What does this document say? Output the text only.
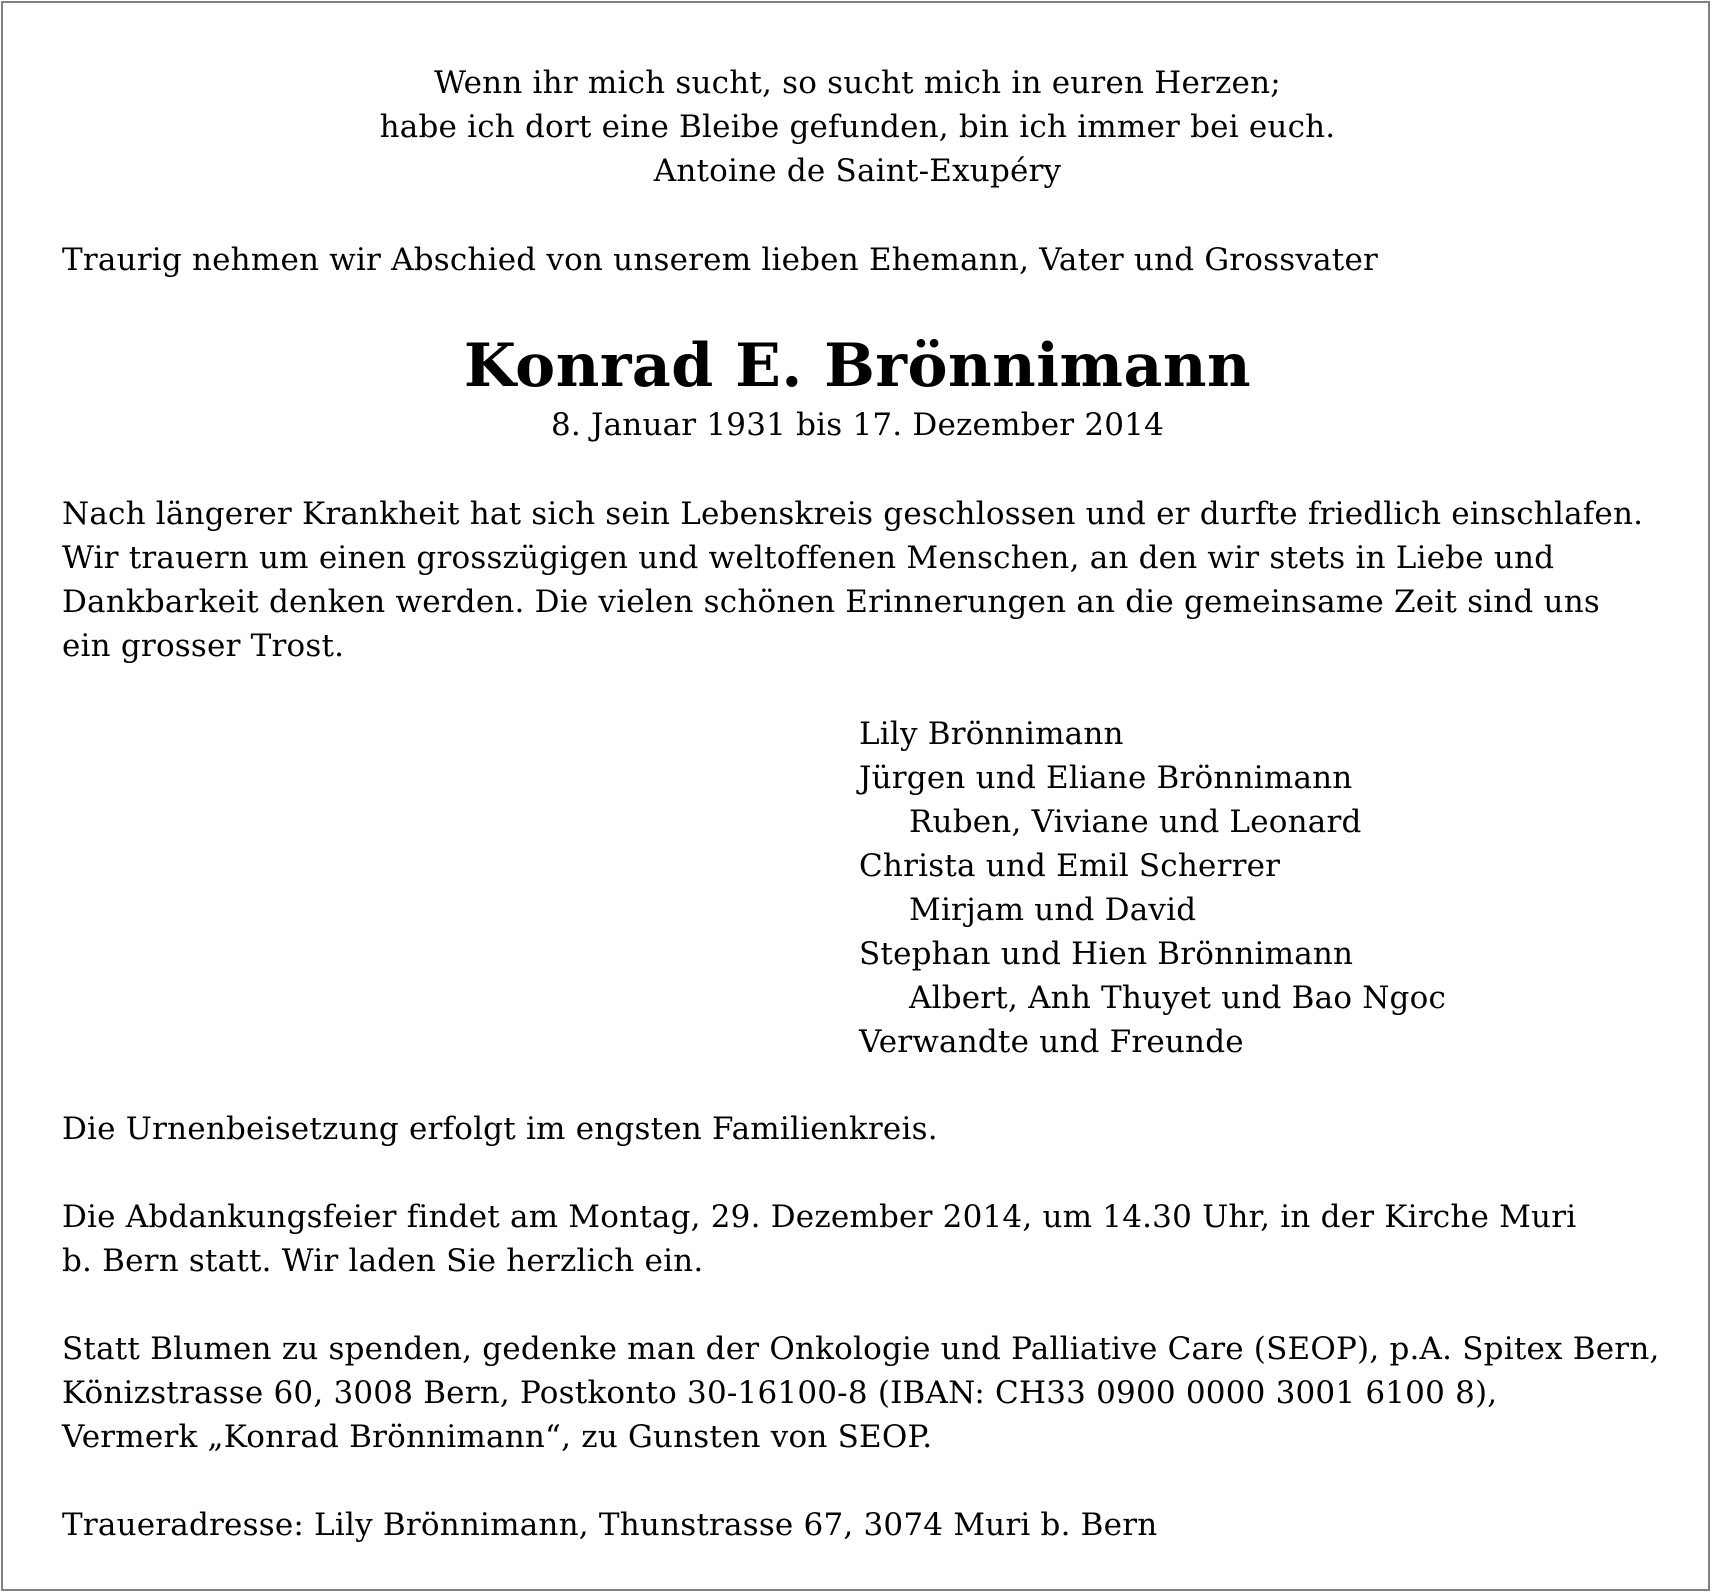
Wenn ihr mich sucht, so sucht mich in euren Herzen;

habe ich dort eine Bleibe gefunden, bin ich immer bei euch.

Antoine de Saint-Exupéry

Traurig nehmen wir Abschied von unserem lieben Ehemann, Vater und Grossvater

Konrad E. Brönnimann

8. Januar 1931 bis 17. Dezember 2014

Nach längerer Krankheit hat sich sein Lebenskreis geschlossen und er durfte friedlich einschlafen.

Wir trauern um einen grosszügigen und weltoffenen Menschen, an den wir stets in Liebe und

Dankbarkeit denken werden. Die vielen schönen Erinnerungen an die gemeinsame Zeit sind uns

ein grosser Trost.

Lily Brönnimann

Jürgen und Eliane Brönnimann

Ruben, Viviane und Leonard

Christa und Emil Scherrer

Mirjam und David

Stephan und Hien Brönnimann

Albert, Anh Thuyet und Bao Ngoc

Verwandte und Freunde

Die Urnenbeisetzung erfolgt im engsten Familienkreis.

Die Abdankungsfeier findet am Montag, 29. Dezember 2014, um 14.30 Uhr, in der Kirche Muri

b. Bern statt. Wir laden Sie herzlich ein.

Statt Blumen zu spenden, gedenke man der Onkologie und Palliative Care (SEOP), p.A. Spitex Bern,

Könizstrasse 60, 3008 Bern, Postkonto 30-16100-8 (IBAN: CH33 0900 0000 3001 6100 8),

Vermerk „Konrad Brönnimann“, zu Gunsten von SEOP.

Traueradresse: Lily Brönnimann, Thunstrasse 67, 3074 Muri b. Bern
